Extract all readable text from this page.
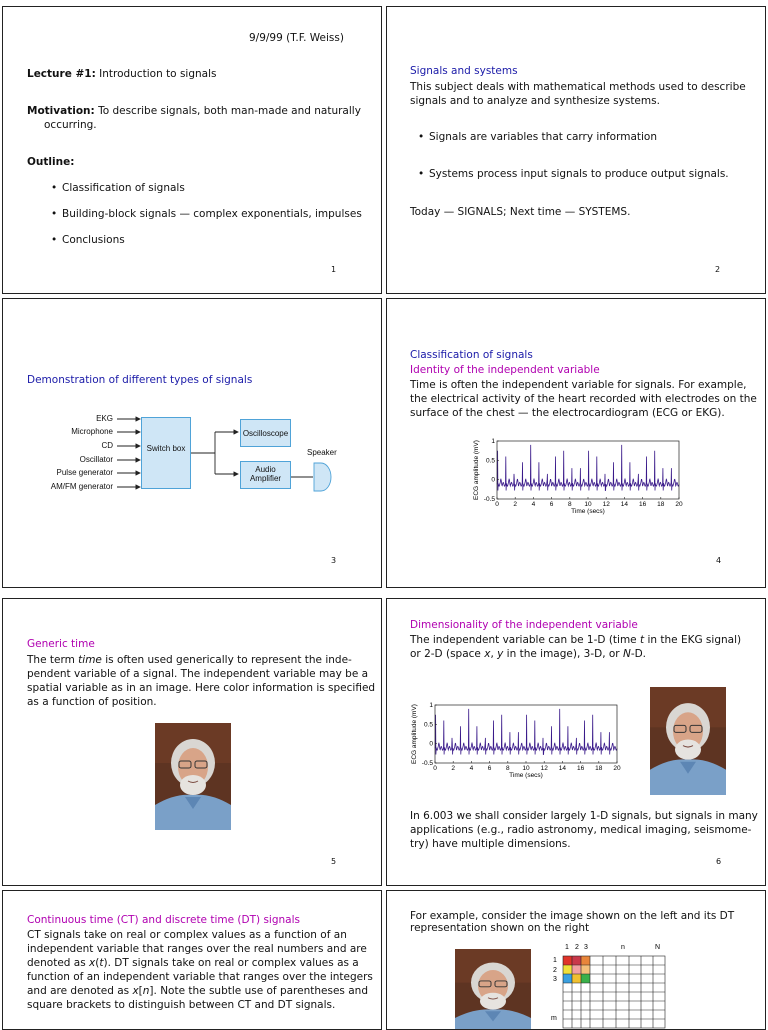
9/9/99 (T.F. Weiss)
Lecture #1: Introduction to signals
Motivation: To describe signals, both man-made and naturally
occurring.
Outline:
• Classification of signals
• Building-block signals — complex exponentials, impulses
• Conclusions
1
Signals and systems
This subject deals with mathematical methods used to describe
signals and to analyze and synthesize systems.
• Signals are variables that carry information
• Systems process input signals to produce output signals.
Today — SIGNALS; Next time — SYSTEMS.
2
Demonstration of different types of signals
EKG
Microphone
CD
Oscillator
Pulse generator
AM/FM generator
Switch box
Oscilloscope
Audio Amplifier
Speaker
3
Classification of signals
Identity of the independent variable
Time is often the independent variable for signals. For example,
the electrical activity of the heart recorded with electrodes on the
surface of the chest — the electrocardiogram (ECG or EKG).
0 2 4 6 8 10 12 14 16 18 20
1
0.5
0
-0.5
Time (secs)
ECG amplitude (mV)
4
Generic time
The term time is often used generically to represent the inde-
pendent variable of a signal. The independent variable may be a
spatial variable as in an image. Here color information is specified
as a function of position.
5
Dimensionality of the independent variable
The independent variable can be 1-D (time t in the EKG signal)
or 2-D (space x, y in the image), 3-D, or N-D.
0 2 4 6 8 10 12 14 16 18 20
1
0.5
0
-0.5
Time (secs)
ECG amplitude (mV)
In 6.003 we shall consider largely 1-D signals, but signals in many
applications (e.g., radio astronomy, medical imaging, seismome-
try) have multiple dimensions.
6
Continuous time (CT) and discrete time (DT) signals
CT signals take on real or complex values as a function of an
independent variable that ranges over the real numbers and are
denoted as x(t). DT signals take on real or complex values as a
function of an independent variable that ranges over the integers
and are denoted as x[n]. Note the subtle use of parentheses and
square brackets to distinguish between CT and DT signals.
For example, consider the image shown on the left and its DT
representation shown on the right
1 2 3	n	N
1
2
3
m
